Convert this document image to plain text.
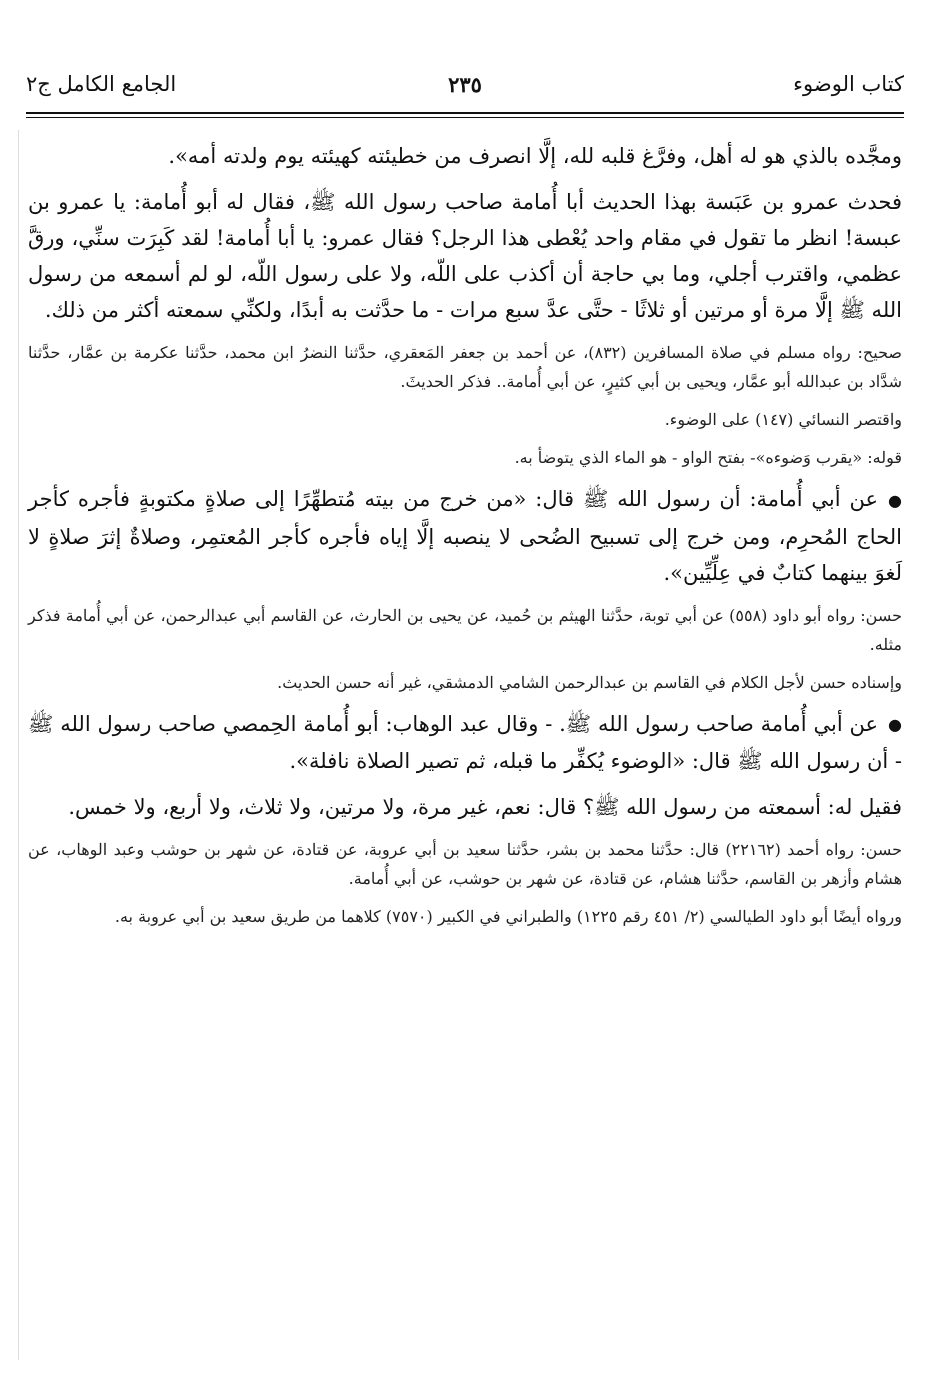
كتاب الوضوء
٢٣٥
الجامع الكامل ج٢

ومجَّده بالذي هو له أهل، وفرَّغ قلبه لله، إلَّا انصرف من خطيئته كهيئته يوم ولدته أمه».

فحدث عمرو بن عَبَسة بهذا الحديث أبا أُمامة صاحب رسول الله ﷺ، فقال له أبو أُمامة: يا عمرو بن عبسة! انظر ما تقول في مقام واحد يُعْطى هذا الرجل؟ فقال عمرو: يا أبا أُمامة! لقد كَبِرَت سنِّي، ورقَّ عظمي، واقترب أجلي، وما بي حاجة أن أكذب على اللّه، ولا على رسول اللّه، لو لم أسمعه من رسول الله ﷺ إلَّا مرة أو مرتين أو ثلاثًا - حتَّى عدَّ سبع مرات - ما حدَّثت به أبدًا، ولكنِّي سمعته أكثر من ذلك.

صحيح: رواه مسلم في صلاة المسافرين (٨٣٢)، عن أحمد بن جعفر المَعقري، حدَّثنا النضرُ ابن محمد، حدَّثنا عكرمة بن عمَّار، حدَّثنا شدَّاد بن عبدالله أبو عمَّار، ويحيى بن أبي كثيرٍ، عن أبي أُمامة.. فذكر الحديثَ.

واقتصر النسائي (١٤٧) على الوضوء.

قوله: «يقرب وَضوءه»- بفتح الواو - هو الماء الذي يتوضأ به.

●عن أبي أُمامة: أن رسول الله ﷺ قال: «من خرج من بيته مُتطهِّرًا إلى صلاةٍ مكتوبةٍ فأجره كأجر الحاج المُحرِم، ومن خرج إلى تسبيح الضُحى لا ينصبه إلَّا إياه فأجره كأجر المُعتمِر، وصلاةٌ إثرَ صلاةٍ لا لَغوَ بينهما كتابٌ في عِلِّيِّين».

حسن: رواه أبو داود (٥٥٨) عن أبي توبة، حدَّثنا الهيثم بن حُميد، عن يحيى بن الحارث، عن القاسم أبي عبدالرحمن، عن أبي أُمامة فذكر مثله.

وإسناده حسن لأجل الكلام في القاسم بن عبدالرحمن الشامي الدمشقي، غير أنه حسن الحديث.

●عن أبي أُمامة صاحب رسول الله ﷺ. - وقال عبد الوهاب: أبو أُمامة الحِمصي صاحب رسول الله ﷺ - أن رسول الله ﷺ قال: «الوضوء يُكفِّر ما قبله، ثم تصير الصلاة نافلة».

فقيل له: أسمعته من رسول الله ﷺ؟ قال: نعم، غير مرة، ولا مرتين، ولا ثلاث، ولا أربع، ولا خمس.

حسن: رواه أحمد (٢٢١٦٢) قال: حدَّثنا محمد بن بشر، حدَّثنا سعيد بن أبي عروبة، عن قتادة، عن شهر بن حوشب وعبد الوهاب، عن هشام وأزهر بن القاسم، حدَّثنا هشام، عن قتادة، عن شهر بن حوشب، عن أبي أُمامة.

ورواه أيضًا أبو داود الطيالسي (٢/ ٤٥١ رقم ١٢٢٥) والطبراني في الكبير (٧٥٧٠) كلاهما من طريق سعيد بن أبي عروبة به.
